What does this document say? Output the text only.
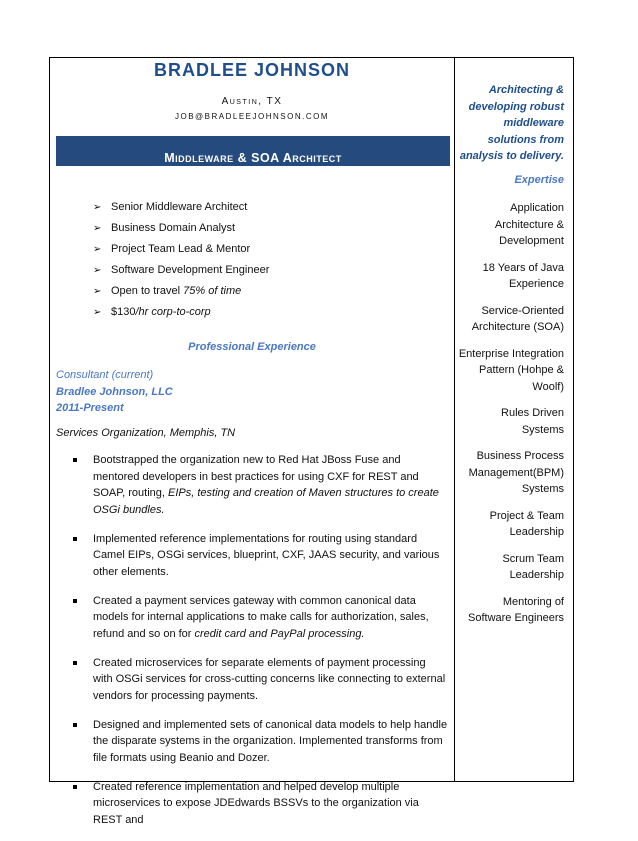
BRADLEE JOHNSON
Austin, TX
JOB@BRADLEEJOHNSON.COM
Middleware & SOA Architect
➢ Senior Middleware Architect
➢ Business Domain Analyst
➢ Project Team Lead & Mentor
➢ Software Development Engineer
➢ Open to travel 75% of time
➢ $130/hr corp-to-corp
Professional Experience
Consultant (current)
Bradlee Johnson, LLC
2011-Present
Services Organization, Memphis, TN
Bootstrapped the organization new to Red Hat JBoss Fuse and mentored developers in best practices for using CXF for REST and SOAP, routing, EIPs, testing and creation of Maven structures to create OSGi bundles.
Implemented reference implementations for routing using standard Camel EIPs, OSGi services, blueprint, CXF, JAAS security, and various other elements.
Created a payment services gateway with common canonical data models for internal applications to make calls for authorization, sales, refund and so on for credit card and PayPal processing.
Created microservices for separate elements of payment processing with OSGi services for cross-cutting concerns like connecting to external vendors for processing payments.
Designed and implemented sets of canonical data models to help handle the disparate systems in the organization. Implemented transforms from file formats using Beanio and Dozer.
Created reference implementation and helped develop multiple microservices to expose JDEdwards BSSVs to the organization via REST and
Architecting & developing robust middleware solutions from analysis to delivery.
Expertise
Application Architecture & Development
18 Years of Java Experience
Service-Oriented Architecture (SOA)
Enterprise Integration Pattern (Hohpe & Woolf)
Rules Driven Systems
Business Process Management(BPM) Systems
Project & Team Leadership
Scrum Team Leadership
Mentoring of Software Engineers
